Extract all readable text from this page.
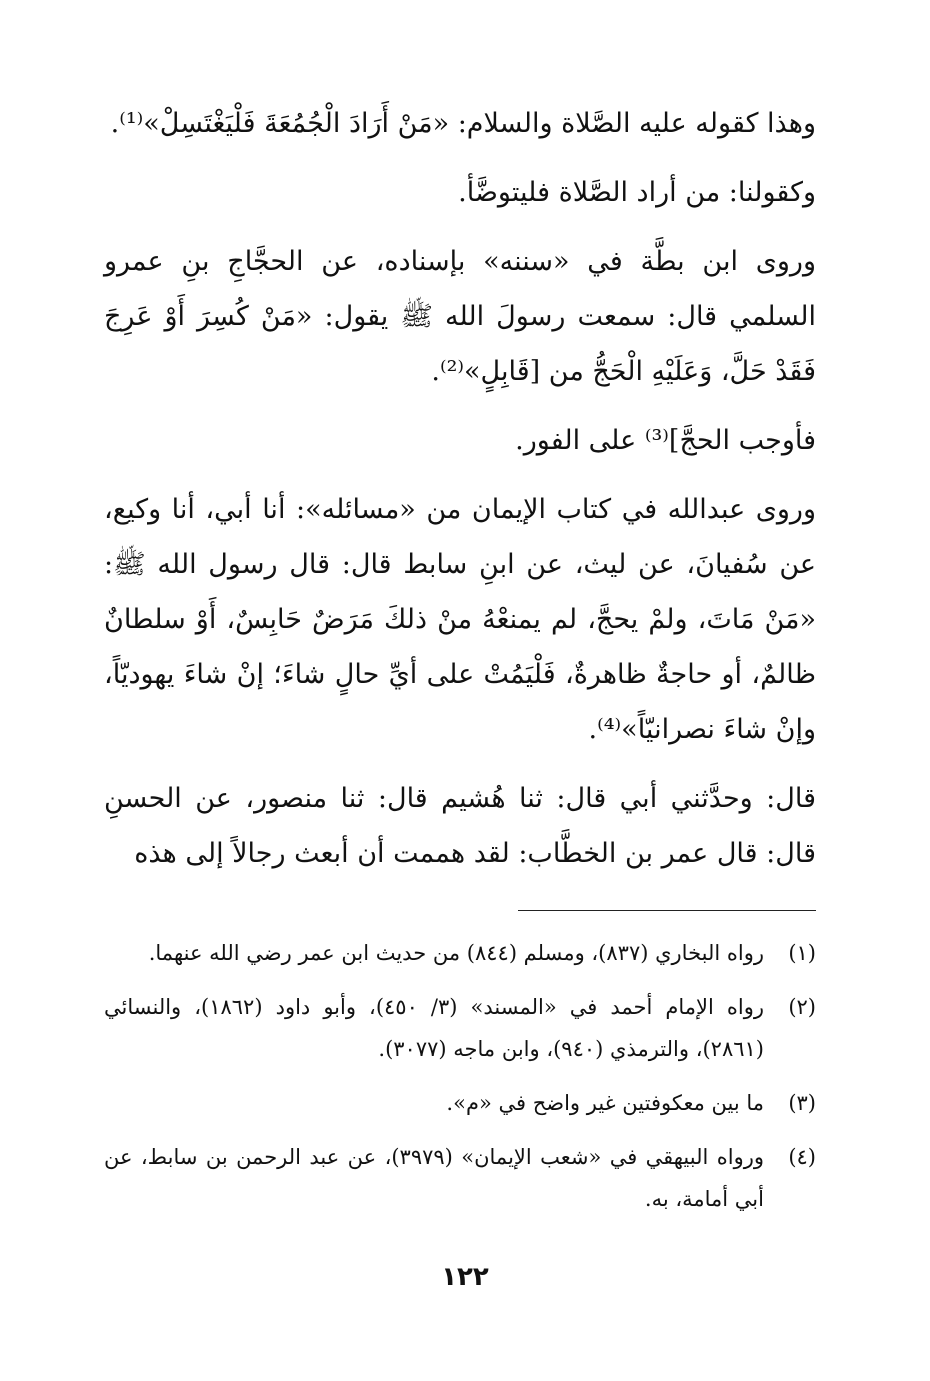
وهذا كقوله عليه الصَّلاة والسلام: «مَنْ أَرَادَ الْجُمُعَةَ فَلْيَغْتَسِلْ»⁽¹⁾.

وكقولنا: من أراد الصَّلاة فليتوضَّأ.

وروى ابن بطَّة في «سننه» بإسناده، عن الحجَّاجِ بنِ عمرو السلمي قال: سمعت رسولَ الله ﷺ يقول: «مَنْ كُسِرَ أَوْ عَرِجَ فَقَدْ حَلَّ، وَعَلَيْهِ الْحَجُّ من [قَابِلٍ»⁽²⁾.

فأوجب الحجَّ]⁽³⁾ على الفور.

وروى عبدالله في كتاب الإيمان من «مسائله»: أنا أبي، أنا وكيع، عن سُفيانَ، عن ليث، عن ابنِ سابط قال: قال رسول الله ﷺ: «مَنْ مَاتَ، ولمْ يحجَّ، لم يمنعْهُ منْ ذلكَ مَرَضٌ حَابِسٌ، أَوْ سلطانٌ ظالمٌ، أو حاجةٌ ظاهرةٌ، فَلْيَمُتْ على أيِّ حالٍ شاءَ؛ إنْ شاءَ يهوديّاً، وإنْ شاءَ نصرانيّاً»⁽⁴⁾.

قال: وحدَّثني أبي قال: ثنا هُشيم قال: ثنا منصور، عن الحسنِ قال: قال عمر بن الخطَّاب: لقد هممت أن أبعث رجالاً إلى هذه

(١)
رواه البخاري (٨٣٧)، ومسلم (٨٤٤) من حديث ابن عمر رضي الله عنهما.
(٢)
رواه الإمام أحمد في «المسند» (٣/ ٤٥٠)، وأبو داود (١٨٦٢)، والنسائي (٢٨٦١)، والترمذي (٩٤٠)، وابن ماجه (٣٠٧٧).
(٣)
ما بين معكوفتين غير واضح في «م».
(٤)
ورواه البيهقي في «شعب الإيمان» (٣٩٧٩)، عن عبد الرحمن بن سابط، عن أبي أمامة، به.
١٢٢
